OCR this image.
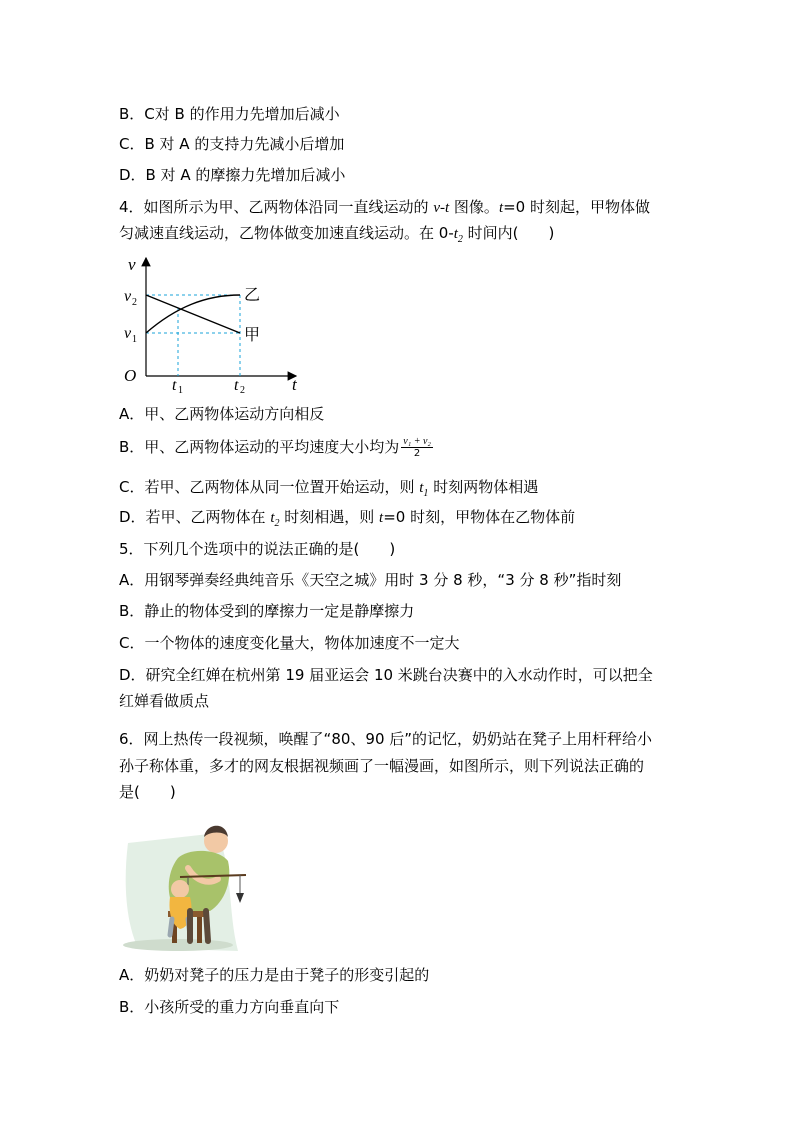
B．C对 B 的作用力先增加后减小
C．B 对 A 的支持力先减小后增加
D．B 对 A 的摩擦力先增加后减小
4．如图所示为甲、乙两物体沿同一直线运动的 v-t 图像。t=0 时刻起，甲物体做
匀减速直线运动，乙物体做变加速直线运动。在 $0-t_2$ 时间内(　　)
v
t
O
v 2
v 1
t 1	t 2
乙
甲
A．甲、乙两物体运动方向相反
B．甲、乙两物体运动的平均速度大小均为 $\frac{\text{v₁ + v₂}}{2}$
C．若甲、乙两物体从同一位置开始运动，则 $t_1$ 时刻两物体相遇
D．若甲、乙两物体在 $t_2$ 时刻相遇，则 t=0 时刻，甲物体在乙物体前
5．下列几个选项中的说法正确的是(　　)
A．用钢琴弹奏经典纯音乐《天空之城》用时 3 分 8 秒，“3 分 8 秒”指时刻
B．静止的物体受到的摩擦力一定是静摩擦力
C．一个物体的速度变化量大，物体加速度不一定大
D．研究全红婵在杭州第 19 届亚运会 10 米跳台决赛中的入水动作时，可以把全
红婵看做质点
6．网上热传一段视频，唤醒了“80、90 后”的记忆，奶奶站在凳子上用杆秤给小
孙子称体重，多才的网友根据视频画了一幅漫画，如图所示，则下列说法正确的
是(　　)
A．奶奶对凳子的压力是由于凳子的形变引起的
B．小孩所受的重力方向垂直向下
